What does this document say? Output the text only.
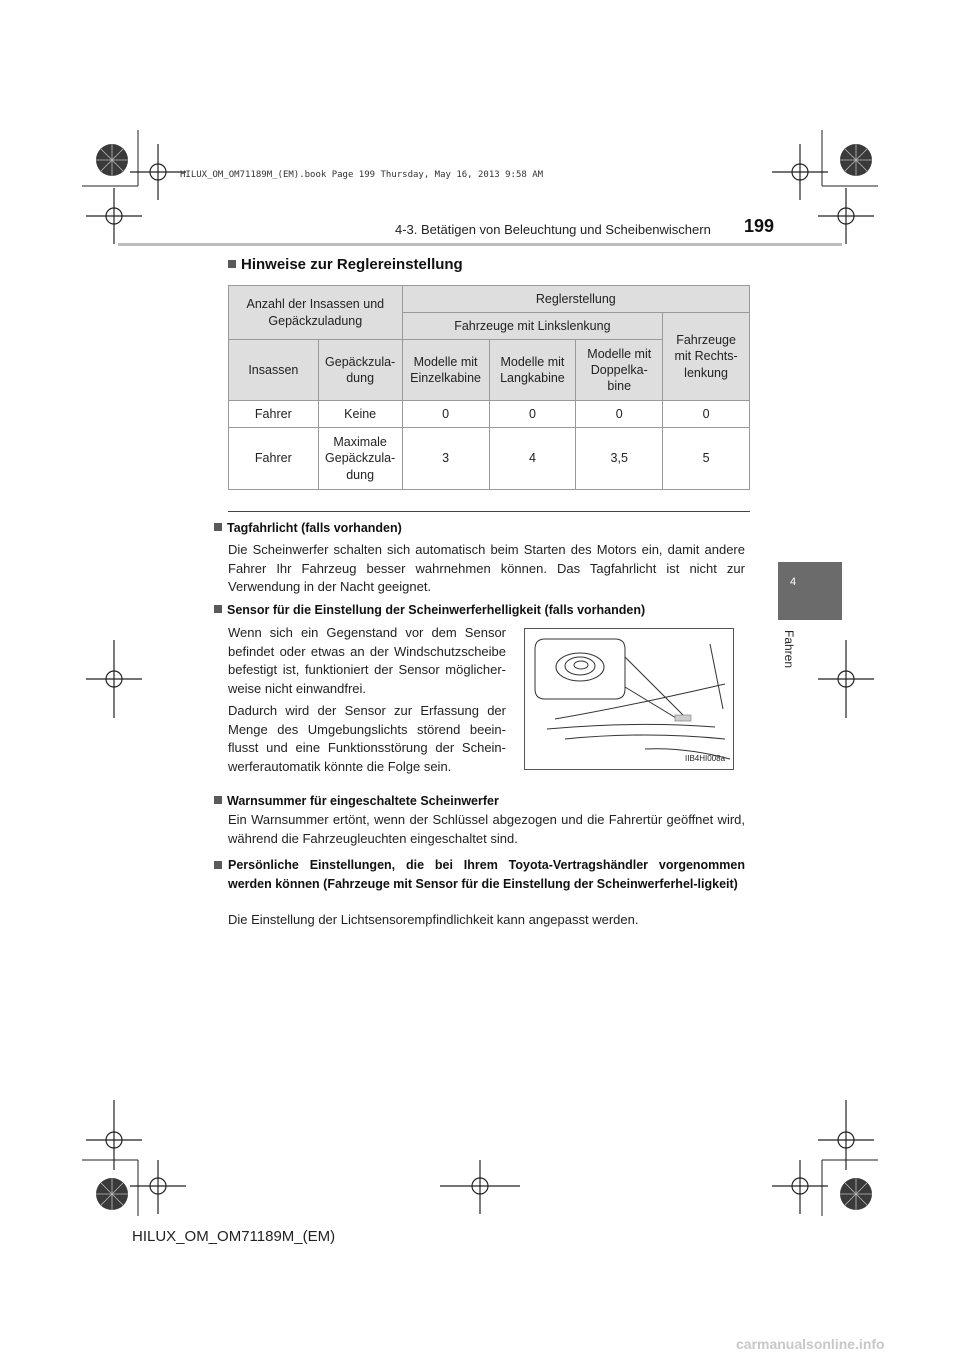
HILUX_OM_OM71189M_(EM).book Page 199 Thursday, May 16, 2013 9:58 AM
4-3. Betätigen von Beleuchtung und Scheibenwischern 199
4
Fahren
Hinweise zur Reglereinstellung
Anzahl der Insassen und Gepäckzuladung		Reglerstellung			
		Fahrzeuge mit Linkslenkung			Fahrzeuge mit Rechts-lenkung
Insassen	Gepäckzula-dung	Modelle mit Einzelkabine	Modelle mit Langkabine	Modelle mit Doppelka-bine	
Fahrer	Keine	0	0	0	0
Fahrer	Maximale Gepäckzula-dung	3	4	3,5	5
Tagfahrlicht (falls vorhanden)
Die Scheinwerfer schalten sich automatisch beim Starten des Motors ein, damit andere Fahrer Ihr Fahrzeug besser wahrnehmen können. Das Tagfahrlicht ist nicht zur Verwendung in der Nacht geeignet.
Sensor für die Einstellung der Scheinwerferhelligkeit (falls vorhanden)
Wenn sich ein Gegenstand vor dem Sensor befindet oder etwas an der Windschutzscheibe befestigt ist, funktioniert der Sensor möglicher-weise nicht einwandfrei.
Dadurch wird der Sensor zur Erfassung der Menge des Umgebungslichts störend beein-flusst und eine Funktionsstörung der Schein-werferautomatik könnte die Folge sein.	IIB4HI008a
Warnsummer für eingeschaltete Scheinwerfer
Ein Warnsummer ertönt, wenn der Schlüssel abgezogen und die Fahrertür geöffnet wird, während die Fahrzeugleuchten eingeschaltet sind.
Persönliche Einstellungen, die bei Ihrem Toyota-Vertragshändler vorgenommen werden können (Fahrzeuge mit Sensor für die Einstellung der Scheinwerferhel-ligkeit)
Die Einstellung der Lichtsensorempfindlichkeit kann angepasst werden.
HILUX_OM_OM71189M_(EM)
carmanualsonline.info
